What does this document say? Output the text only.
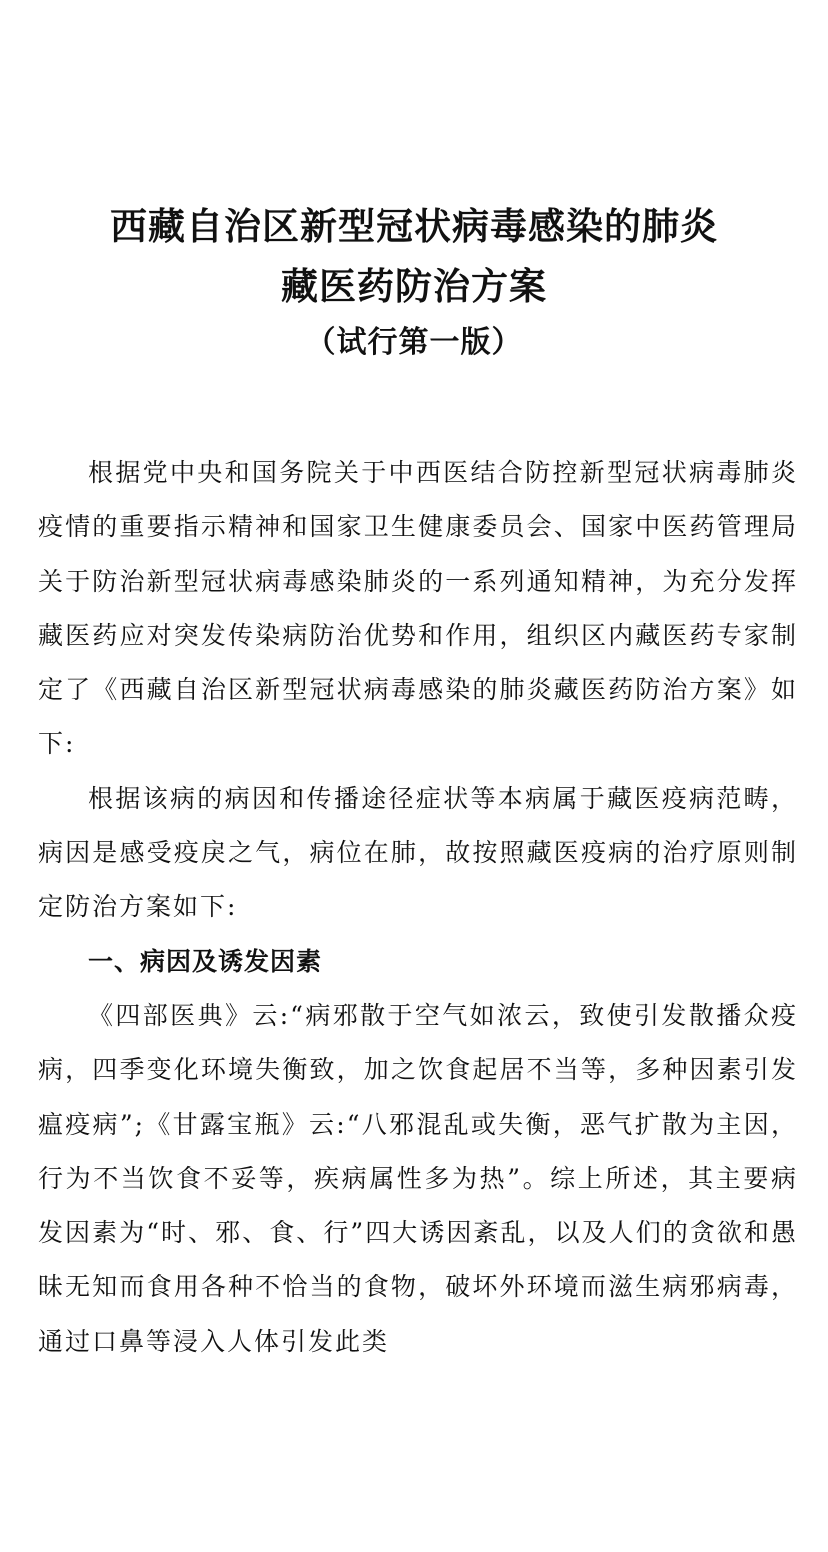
西藏自治区新型冠状病毒感染的肺炎
藏医药防治方案
（试行第一版）

根据党中央和国务院关于中西医结合防控新型冠状病毒肺炎疫情的重要指示精神和国家卫生健康委员会、国家中医药管理局关于防治新型冠状病毒感染肺炎的一系列通知精神，为充分发挥藏医药应对突发传染病防治优势和作用，组织区内藏医药专家制定了《西藏自治区新型冠状病毒感染的肺炎藏医药防治方案》如下:

根据该病的病因和传播途径症状等本病属于藏医疫病范畴，病因是感受疫戾之气，病位在肺，故按照藏医疫病的治疗原则制定防治方案如下:

一、病因及诱发因素

《四部医典》云:“病邪散于空气如浓云，致使引发散播众疫病，四季变化环境失衡致，加之饮食起居不当等，多种因素引发瘟疫病”;《甘露宝瓶》云:“八邪混乱或失衡，恶气扩散为主因，行为不当饮食不妥等，疾病属性多为热”。综上所述，其主要病发因素为“时、邪、食、行”四大诱因紊乱，以及人们的贪欲和愚昧无知而食用各种不恰当的食物，破坏外环境而滋生病邪病毒，通过口鼻等浸入人体引发此类
